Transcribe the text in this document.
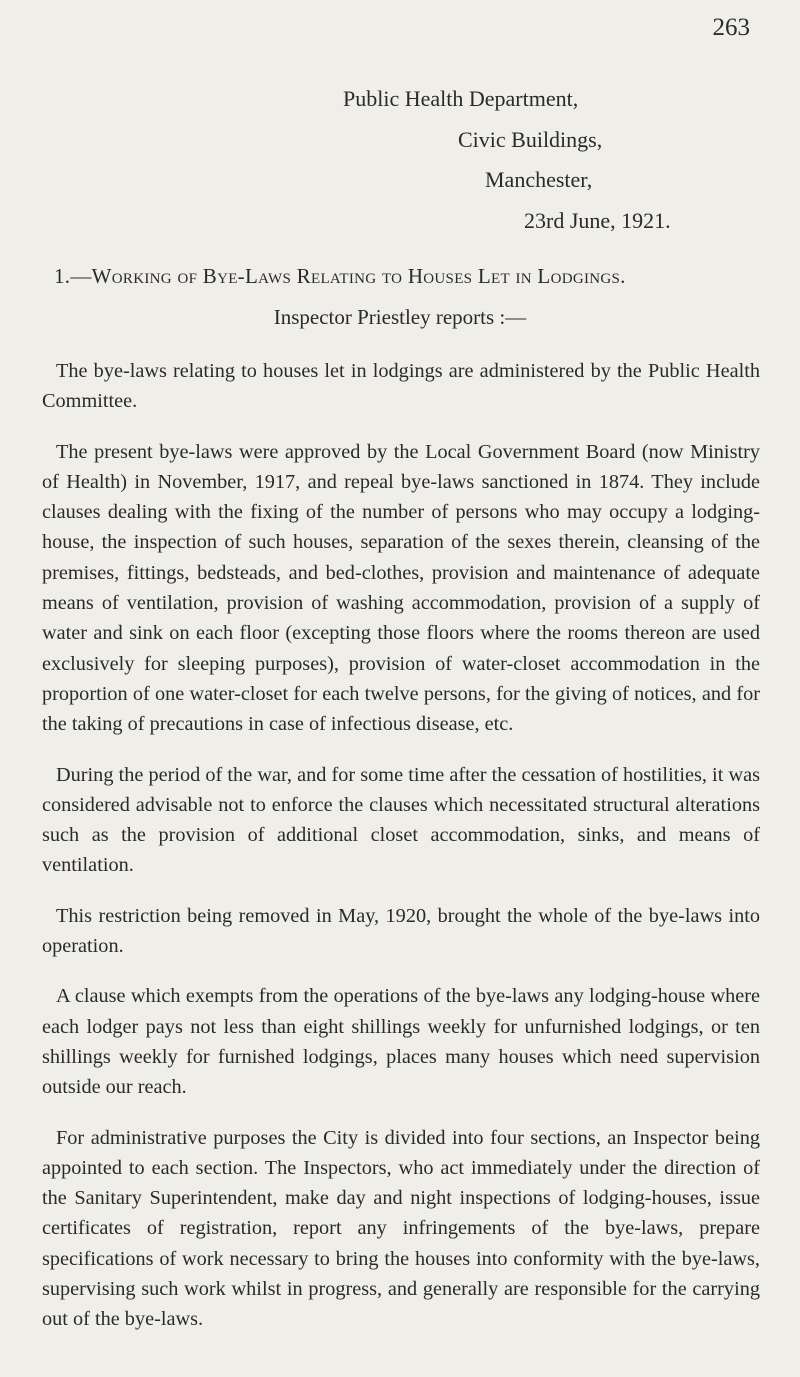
263
Public Health Department,
Civic Buildings,
Manchester,
23rd June, 1921.
1.—Working of Bye-Laws Relating to Houses Let in Lodgings.
Inspector Priestley reports :—

The bye-laws relating to houses let in lodgings are administered by the Public Health Committee.

The present bye-laws were approved by the Local Government Board (now Ministry of Health) in November, 1917, and repeal bye-laws sanctioned in 1874. They include clauses dealing with the fixing of the number of persons who may occupy a lodging-house, the inspection of such houses, separation of the sexes therein, cleansing of the premises, fittings, bedsteads, and bed-clothes, provision and maintenance of adequate means of ventilation, provision of washing accommodation, provision of a supply of water and sink on each floor (excepting those floors where the rooms thereon are used exclusively for sleeping purposes), provision of water-closet accommodation in the proportion of one water-closet for each twelve persons, for the giving of notices, and for the taking of precautions in case of infectious disease, etc.

During the period of the war, and for some time after the cessation of hostilities, it was considered advisable not to enforce the clauses which necessitated structural alterations such as the provision of additional closet accommodation, sinks, and means of ventilation.

This restriction being removed in May, 1920, brought the whole of the bye-laws into operation.

A clause which exempts from the operations of the bye-laws any lodging-house where each lodger pays not less than eight shillings weekly for unfurnished lodgings, or ten shillings weekly for furnished lodgings, places many houses which need supervision outside our reach.

For administrative purposes the City is divided into four sections, an Inspector being appointed to each section. The Inspectors, who act immediately under the direction of the Sanitary Superintendent, make day and night inspections of lodging-houses, issue certificates of registration, report any infringements of the bye-laws, prepare specifications of work necessary to bring the houses into conformity with the bye-laws, supervising such work whilst in progress, and generally are responsible for the carrying out of the bye-laws.
